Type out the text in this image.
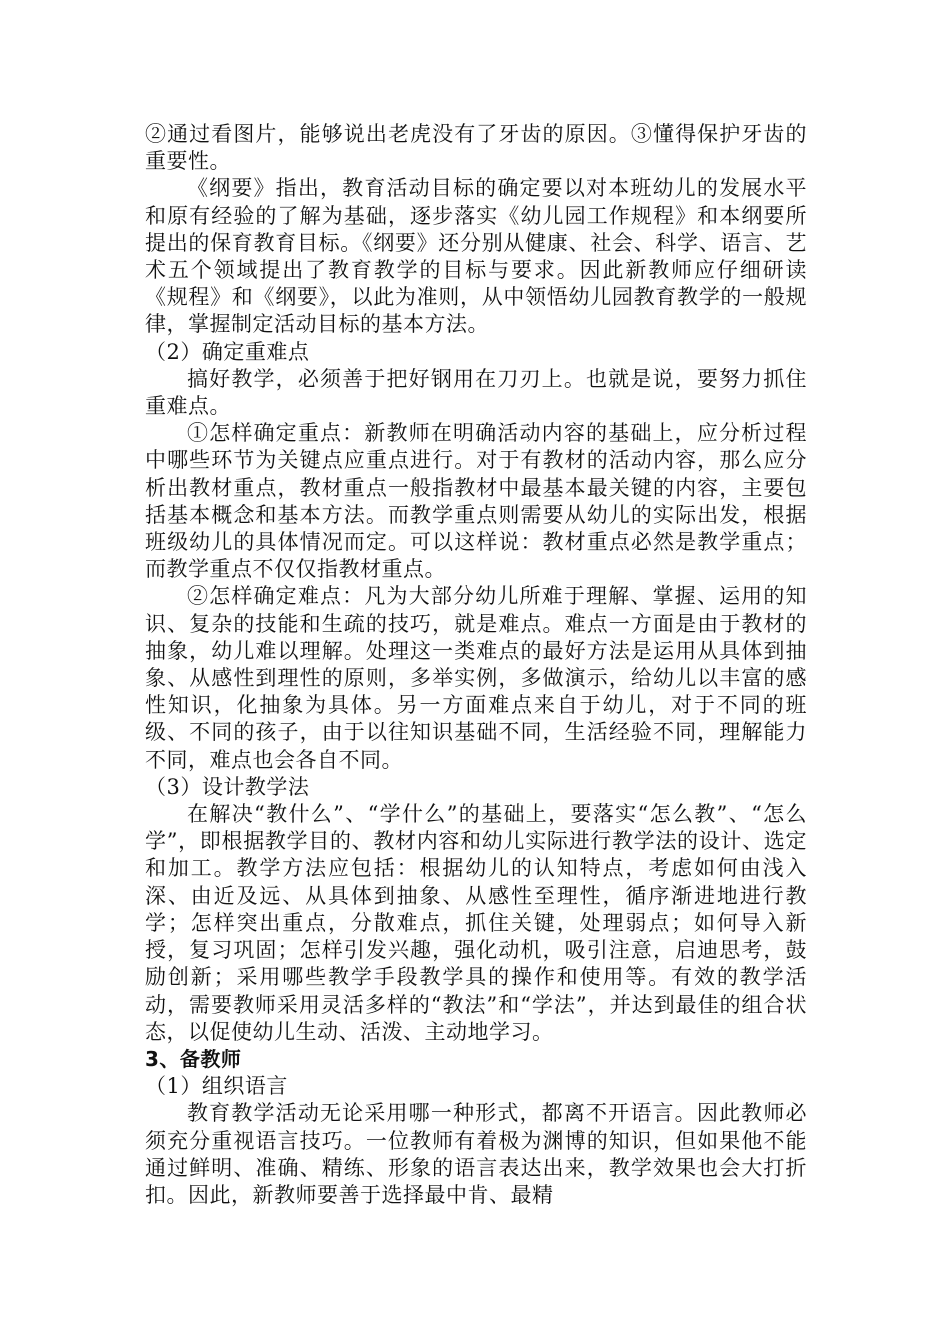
②通过看图片，能够说出老虎没有了牙齿的原因。③懂得保护牙齿的重要性。

《纲要》指出，教育活动目标的确定要以对本班幼儿的发展水平和原有经验的了解为基础，逐步落实《幼儿园工作规程》和本纲要所提出的保育教育目标。《纲要》还分别从健康、社会、科学、语言、艺术五个领域提出了教育教学的目标与要求。因此新教师应仔细研读《规程》和《纲要》，以此为准则，从中领悟幼儿园教育教学的一般规律，掌握制定活动目标的基本方法。

（2）确定重难点

搞好教学，必须善于把好钢用在刀刃上。也就是说，要努力抓住重难点。

①怎样确定重点：新教师在明确活动内容的基础上，应分析过程中哪些环节为关键点应重点进行。对于有教材的活动内容，那么应分析出教材重点，教材重点一般指教材中最基本最关键的内容，主要包括基本概念和基本方法。而教学重点则需要从幼儿的实际出发，根据班级幼儿的具体情况而定。可以这样说：教材重点必然是教学重点；而教学重点不仅仅指教材重点。

②怎样确定难点：凡为大部分幼儿所难于理解、掌握、运用的知识、复杂的技能和生疏的技巧，就是难点。难点一方面是由于教材的抽象，幼儿难以理解。处理这一类难点的最好方法是运用从具体到抽象、从感性到理性的原则，多举实例，多做演示，给幼儿以丰富的感性知识，化抽象为具体。另一方面难点来自于幼儿，对于不同的班级、不同的孩子，由于以往知识基础不同，生活经验不同，理解能力不同，难点也会各自不同。

（3）设计教学法

在解决“教什么”、“学什么”的基础上，要落实“怎么教”、“怎么学”，即根据教学目的、教材内容和幼儿实际进行教学法的设计、选定和加工。教学方法应包括：根据幼儿的认知特点，考虑如何由浅入深、由近及远、从具体到抽象、从感性至理性，循序渐进地进行教学；怎样突出重点，分散难点，抓住关键，处理弱点；如何导入新授，复习巩固；怎样引发兴趣，强化动机，吸引注意，启迪思考，鼓励创新；采用哪些教学手段教学具的操作和使用等。有效的教学活动，需要教师采用灵活多样的“教法”和“学法”，并达到最佳的组合状态，以促使幼儿生动、活泼、主动地学习。

3、备教师

（1）组织语言

教育教学活动无论采用哪一种形式，都离不开语言。因此教师必须充分重视语言技巧。一位教师有着极为渊博的知识，但如果他不能通过鲜明、准确、精练、形象的语言表达出来，教学效果也会大打折扣。因此，新教师要善于选择最中肯、最精
